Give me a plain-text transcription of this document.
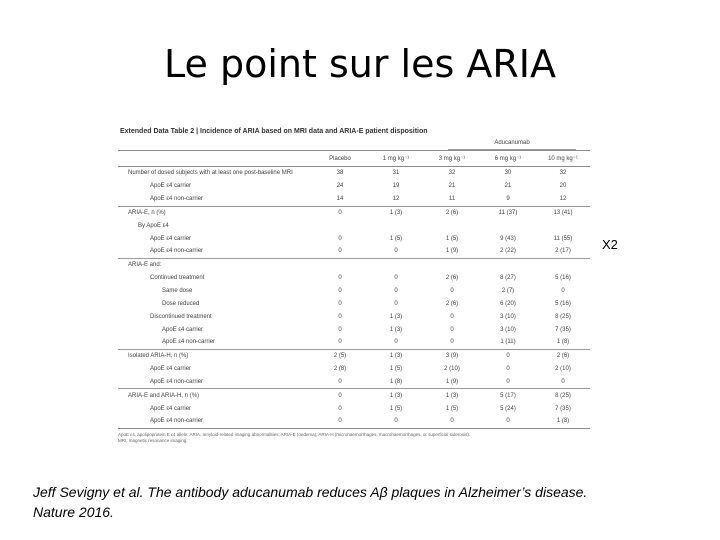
Le point sur les ARIA
Extended Data Table 2 | Incidence of ARIA based on MRI data and ARIA-E patient disposition
Aducanumab
	Placebo	1 mg kg⁻¹	3 mg kg⁻¹	6 mg kg⁻¹	10 mg kg⁻¹
Number of dosed subjects with at least one post-baseline MRI	38	31	32	30	32
ApoE ε4 carrier	24	19	21	21	20
ApoE ε4 non-carrier	14	12	11	9	12
ARIA-E, n (%)	0	1 (3)	2 (6)	11 (37)	13 (41)
By ApoE ε4					
ApoE ε4 carrier	0	1 (5)	1 (5)	9 (43)	11 (55)
ApoE ε4 non-carrier	0	0	1 (9)	2 (22)	2 (17)
ARIA-E and:					
Continued treatment	0	0	2 (6)	8 (27)	5 (16)
Same dose	0	0	0	2 (7)	0
Dose reduced	0	0	2 (6)	6 (20)	5 (16)
Discontinued treatment	0	1 (3)	0	3 (10)	8 (25)
ApoE ε4 carrier	0	1 (3)	0	3 (10)	7 (35)
ApoE ε4 non-carrier	0	0	0	1 (11)	1 (8)
Isolated ARIA-H, n (%)	2 (5)	1 (3)	3 (9)	0	2 (6)
ApoE ε4 carrier	2 (8)	1 (5)	2 (10)	0	2 (10)
ApoE ε4 non-carrier	0	1 (8)	1 (9)	0	0
ARIA-E and ARIA-H, n (%)	0	1 (3)	1 (3)	5 (17)	8 (25)
ApoE ε4 carrier	0	1 (5)	1 (5)	5 (24)	7 (35)
ApoE ε4 non-carrier	0	0	0	0	1 (8)
ApoE ε4, apolipoprotein E ε4 allele; ARIA, amyloid-related imaging abnormalities; ARIA-E (oedema), ARIA-H (microhaemorrhages, macrohaemorrhages, or superficial siderosis).
MRI, magnetic resonance imaging.
X2
Jeff Sevigny et al. The antibody aducanumab reduces Aβ plaques in Alzheimer’s disease.
Nature 2016.
